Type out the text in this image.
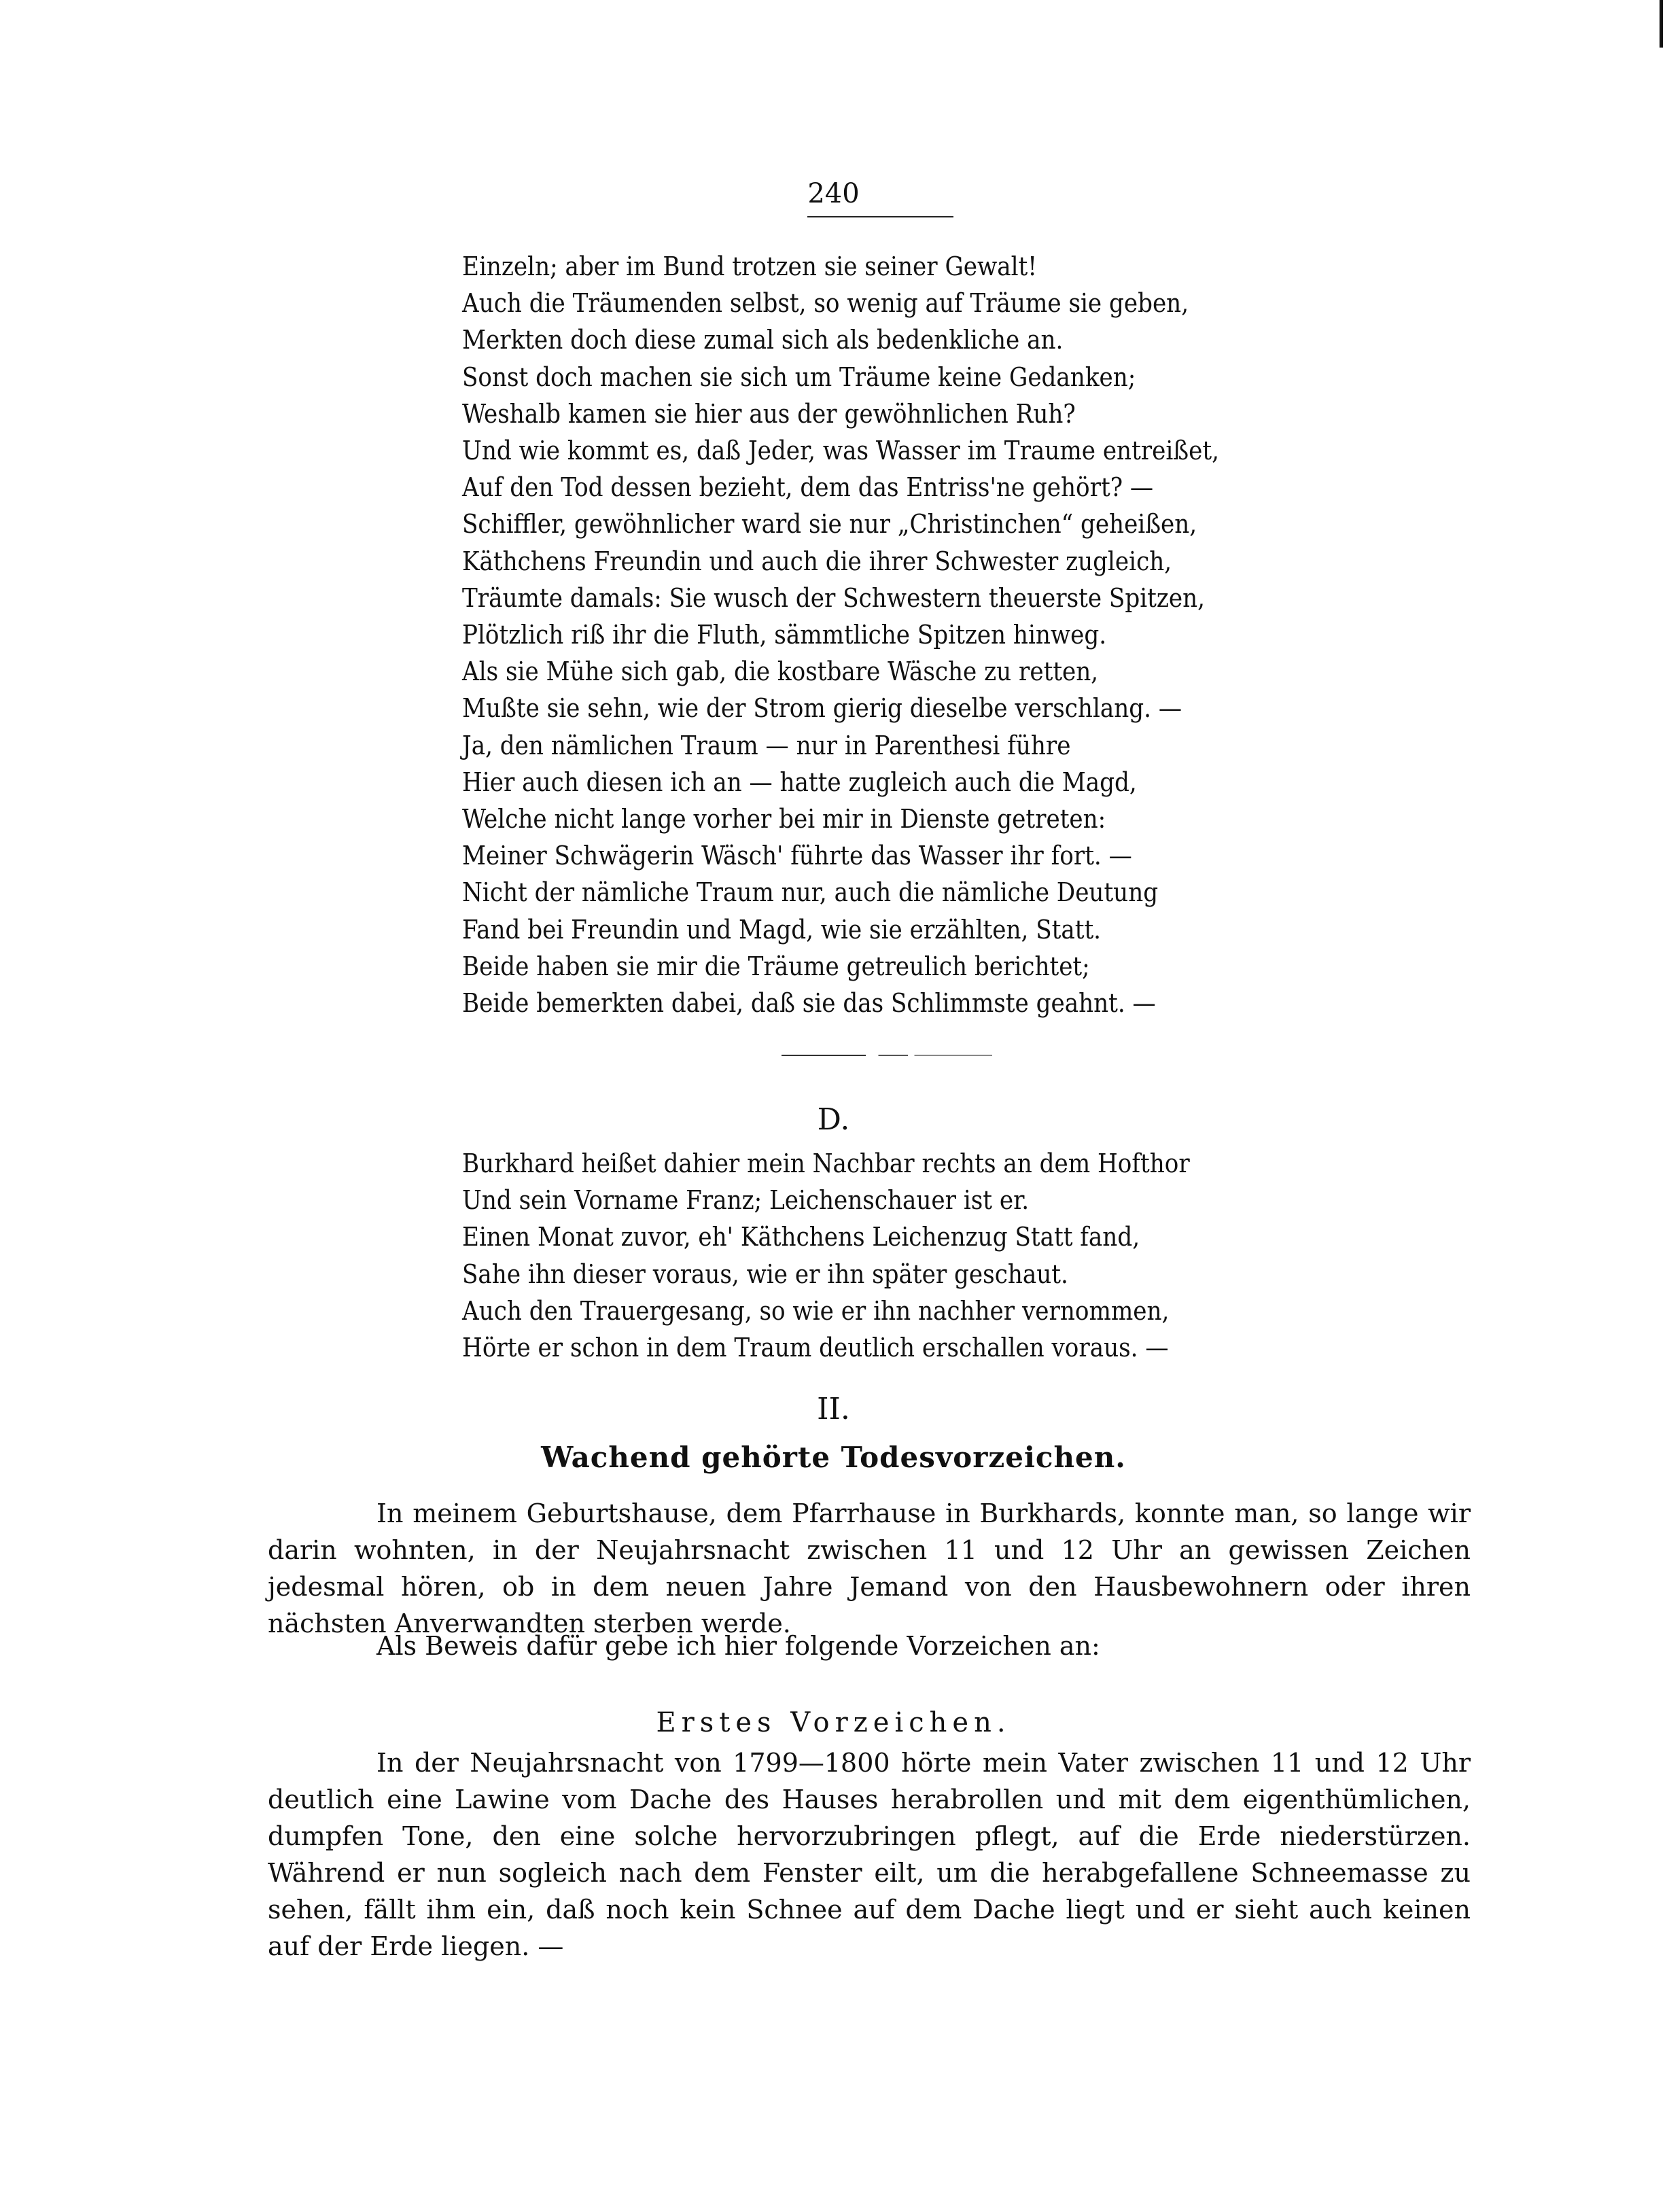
240
Einzeln; aber im Bund trotzen sie seiner Gewalt!
Auch die Träumenden selbst, so wenig auf Träume sie geben,
Merkten doch diese zumal sich als bedenkliche an.
Sonst doch machen sie sich um Träume keine Gedanken;
Weshalb kamen sie hier aus der gewöhnlichen Ruh?
Und wie kommt es, daß Jeder, was Wasser im Traume entreißet,
Auf den Tod dessen bezieht, dem das Entriss'ne gehört? —
Schiffler, gewöhnlicher ward sie nur „Christinchen“ geheißen,
Käthchens Freundin und auch die ihrer Schwester zugleich,
Träumte damals: Sie wusch der Schwestern theuerste Spitzen,
Plötzlich riß ihr die Fluth, sämmtliche Spitzen hinweg.
Als sie Mühe sich gab, die kostbare Wäsche zu retten,
Mußte sie sehn, wie der Strom gierig dieselbe verschlang. —
Ja, den nämlichen Traum — nur in Parenthesi führe
Hier auch diesen ich an — hatte zugleich auch die Magd,
Welche nicht lange vorher bei mir in Dienste getreten:
Meiner Schwägerin Wäsch' führte das Wasser ihr fort. —
Nicht der nämliche Traum nur, auch die nämliche Deutung
Fand bei Freundin und Magd, wie sie erzählten, Statt.
Beide haben sie mir die Träume getreulich berichtet;
Beide bemerkten dabei, daß sie das Schlimmste geahnt. —
D.
Burkhard heißet dahier mein Nachbar rechts an dem Hofthor
Und sein Vorname Franz; Leichenschauer ist er.
Einen Monat zuvor, eh' Käthchens Leichenzug Statt fand,
Sahe ihn dieser voraus, wie er ihn später geschaut.
Auch den Trauergesang, so wie er ihn nachher vernommen,
Hörte er schon in dem Traum deutlich erschallen voraus. —
II.
Wachend gehörte Todesvorzeichen.

In meinem Geburtshause, dem Pfarrhause in Burkhards, konnte man, so lange wir darin wohnten, in der Neujahrsnacht zwischen 11 und 12 Uhr an gewissen Zeichen jedesmal hören, ob in dem neuen Jahre Jemand von den Hausbewohnern oder ihren nächsten Anverwandten sterben werde.

Als Beweis dafür gebe ich hier folgende Vorzeichen an:

Erstes Vorzeichen.

In der Neujahrsnacht von 1799—1800 hörte mein Vater zwischen 11 und 12 Uhr deutlich eine Lawine vom Dache des Hauses herabrollen und mit dem eigenthümlichen, dumpfen Tone, den eine solche hervorzubringen pflegt, auf die Erde niederstürzen. Während er nun sogleich nach dem Fenster eilt, um die herabgefallene Schneemasse zu sehen, fällt ihm ein, daß noch kein Schnee auf dem Dache liegt und er sieht auch keinen auf der Erde liegen. —
